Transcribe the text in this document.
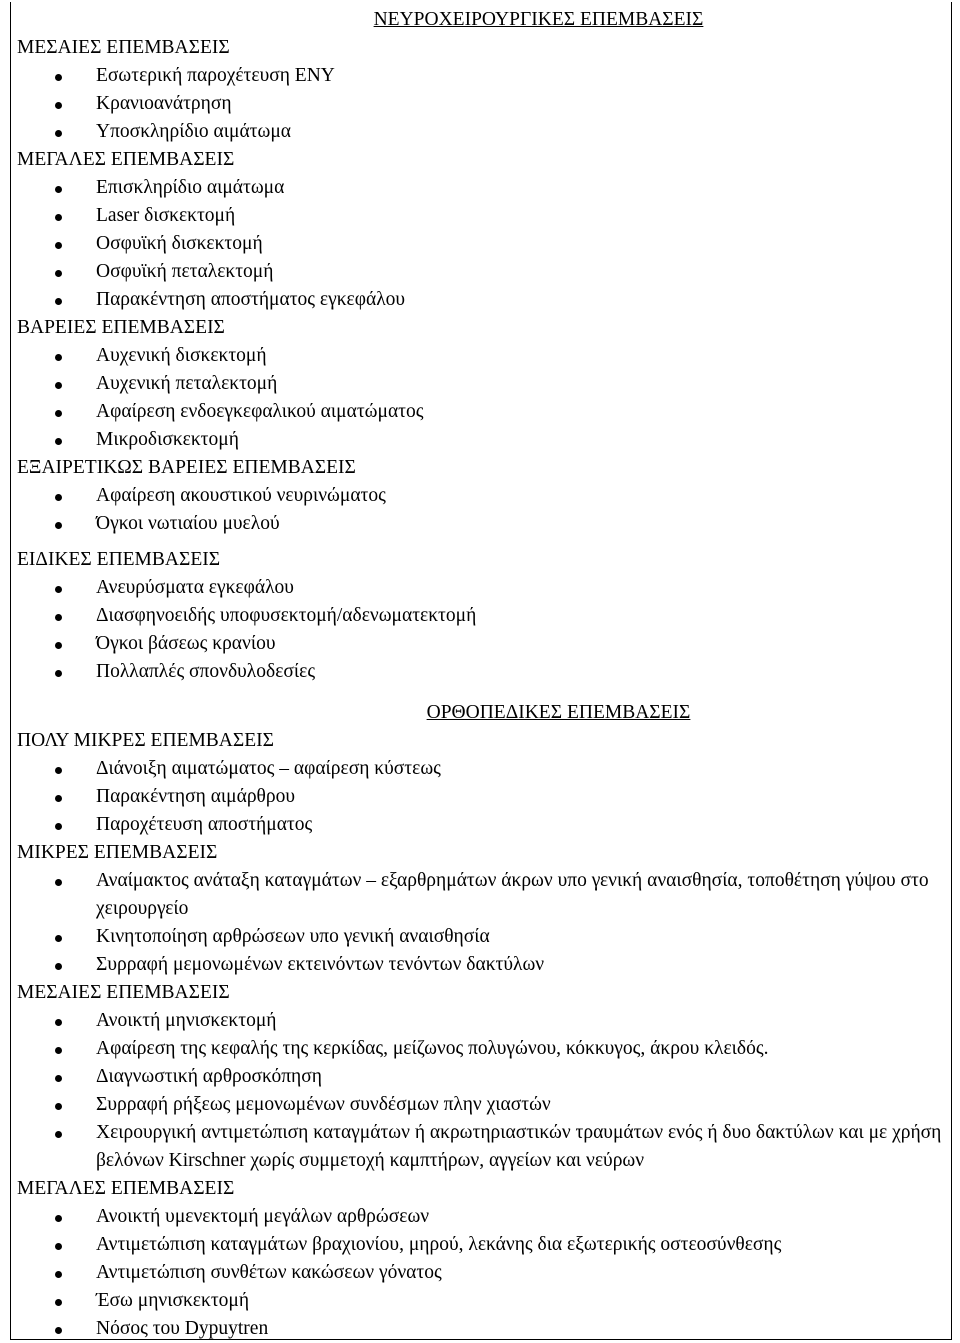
ΝΕΥΡΟΧΕΙΡΟΥΡΓΙΚΕΣ ΕΠΕΜΒΑΣΕΙΣ
ΜΕΣΑΙΕΣ ΕΠΕΜΒΑΣΕΙΣ
Εσωτερική παροχέτευση ΕΝΥ
Κρανιοανάτρηση
Υποσκληρίδιο αιμάτωμα
ΜΕΓΑΛΕΣ ΕΠΕΜΒΑΣΕΙΣ
Επισκληρίδιο αιμάτωμα
Laser δισκεκτομή
Οσφυϊκή δισκεκτομή
Οσφυϊκή πεταλεκτομή
Παρακέντηση αποστήματος εγκεφάλου
ΒΑΡΕΙΕΣ ΕΠΕΜΒΑΣΕΙΣ
Αυχενική δισκεκτομή
Αυχενική πεταλεκτομή
Αφαίρεση ενδοεγκεφαλικού αιματώματος
Μικροδισκεκτομή
ΕΞΑΙΡΕΤΙΚΩΣ ΒΑΡΕΙΕΣ ΕΠΕΜΒΑΣΕΙΣ
Αφαίρεση ακουστικού νευρινώματος
Όγκοι νωτιαίου μυελού
ΕΙΔΙΚΕΣ ΕΠΕΜΒΑΣΕΙΣ
Ανευρύσματα εγκεφάλου
Διασφηνοειδής υποφυσεκτομή/αδενωματεκτομή
Όγκοι βάσεως κρανίου
Πολλαπλές σπονδυλοδεσίες
ΟΡΘΟΠΕΔΙΚΕΣ ΕΠΕΜΒΑΣΕΙΣ
ΠΟΛΥ ΜΙΚΡΕΣ ΕΠΕΜΒΑΣΕΙΣ
Διάνοιξη αιματώματος – αφαίρεση κύστεως
Παρακέντηση αιμάρθρου
Παροχέτευση αποστήματος
ΜΙΚΡΕΣ ΕΠΕΜΒΑΣΕΙΣ
Αναίμακτος ανάταξη καταγμάτων – εξαρθρημάτων άκρων υπο γενική αναισθησία, τοποθέτηση γύψου στο χειρουργείο
Κινητοποίηση αρθρώσεων υπο γενική αναισθησία
Συρραφή μεμονωμένων εκτεινόντων τενόντων δακτύλων
ΜΕΣΑΙΕΣ ΕΠΕΜΒΑΣΕΙΣ
Ανοικτή μηνισκεκτομή
Αφαίρεση της κεφαλής της κερκίδας, μείζωνος πολυγώνου, κόκκυγος, άκρου κλειδός.
Διαγνωστική αρθροσκόπηση
Συρραφή ρήξεως μεμονωμένων συνδέσμων πλην χιαστών
Χειρουργική αντιμετώπιση καταγμάτων ή ακρωτηριαστικών τραυμάτων ενός ή δυο δακτύλων και με χρήση βελόνων Kirschner χωρίς συμμετοχή καμπτήρων, αγγείων και νεύρων
ΜΕΓΑΛΕΣ ΕΠΕΜΒΑΣΕΙΣ
Ανοικτή υμενεκτομή μεγάλων αρθρώσεων
Αντιμετώπιση καταγμάτων βραχιονίου, μηρού, λεκάνης δια εξωτερικής οστεοσύνθεσης
Αντιμετώπιση συνθέτων κακώσεων γόνατος
Έσω μηνισκεκτομή
Νόσος του Dypuytren
